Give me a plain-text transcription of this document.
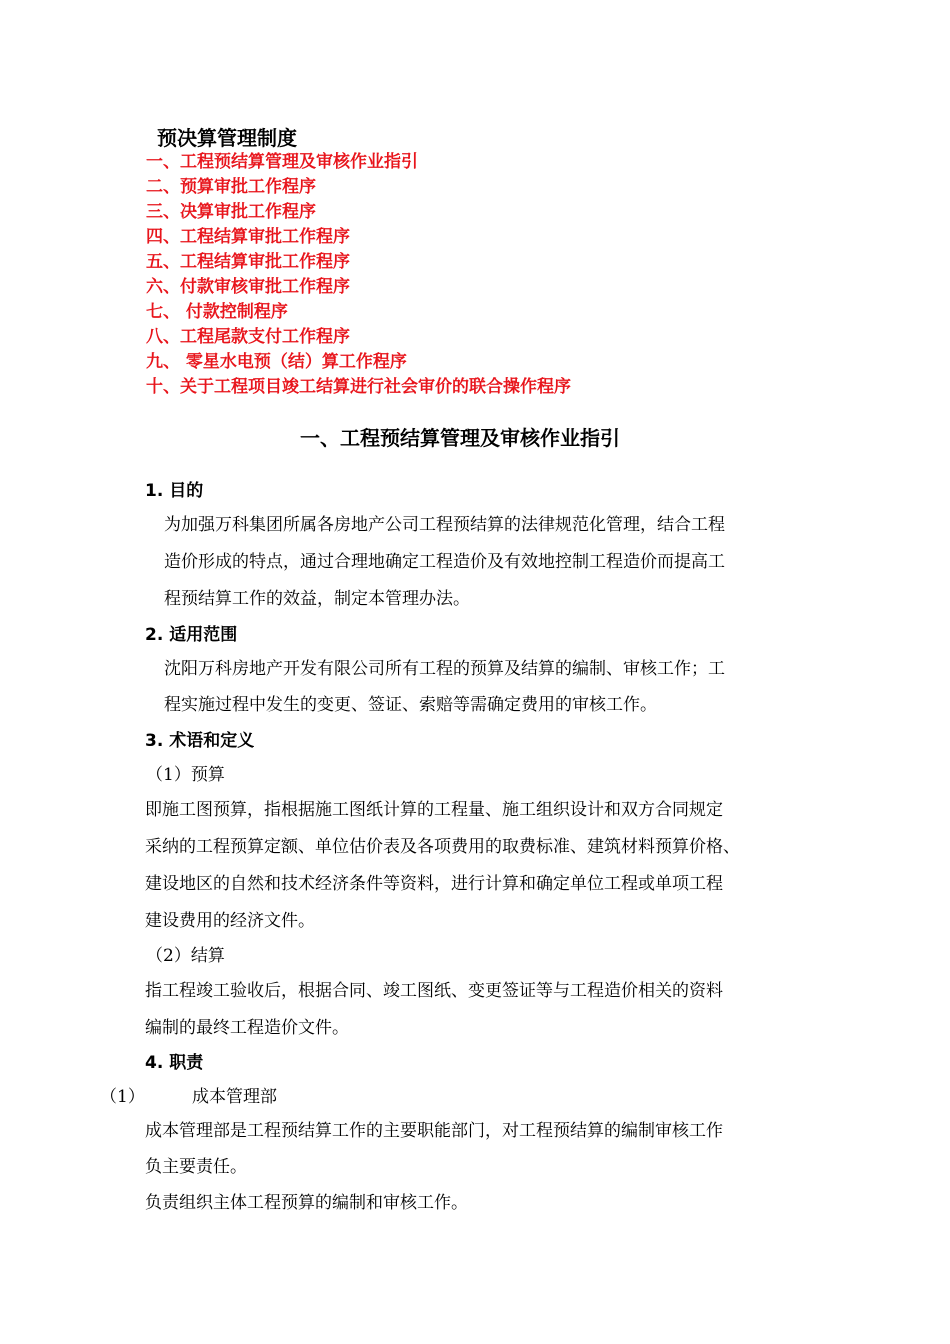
预决算管理制度
一、工程预结算管理及审核作业指引
二、预算审批工作程序
三、决算审批工作程序
四、工程结算审批工作程序
五、工程结算审批工作程序
六、付款审核审批工作程序
七、 付款控制程序
八、工程尾款支付工作程序
九、 零星水电预（结）算工作程序
十、关于工程项目竣工结算进行社会审价的联合操作程序
一、工程预结算管理及审核作业指引
1. 目的
为加强万科集团所属各房地产公司工程预结算的法律规范化管理，结合工程
造价形成的特点，通过合理地确定工程造价及有效地控制工程造价而提高工
程预结算工作的效益，制定本管理办法。
2. 适用范围
沈阳万科房地产开发有限公司所有工程的预算及结算的编制、审核工作；工
程实施过程中发生的变更、签证、索赔等需确定费用的审核工作。
3. 术语和定义
（1）预算
即施工图预算，指根据施工图纸计算的工程量、施工组织设计和双方合同规定
采纳的工程预算定额、单位估价表及各项费用的取费标准、建筑材料预算价格、
建设地区的自然和技术经济条件等资料，进行计算和确定单位工程或单项工程
建设费用的经济文件。
（2）结算
指工程竣工验收后，根据合同、竣工图纸、变更签证等与工程造价相关的资料
编制的最终工程造价文件。
4. 职责
（1）	成本管理部
成本管理部是工程预结算工作的主要职能部门，对工程预结算的编制审核工作
负主要责任。
负责组织主体工程预算的编制和审核工作。
